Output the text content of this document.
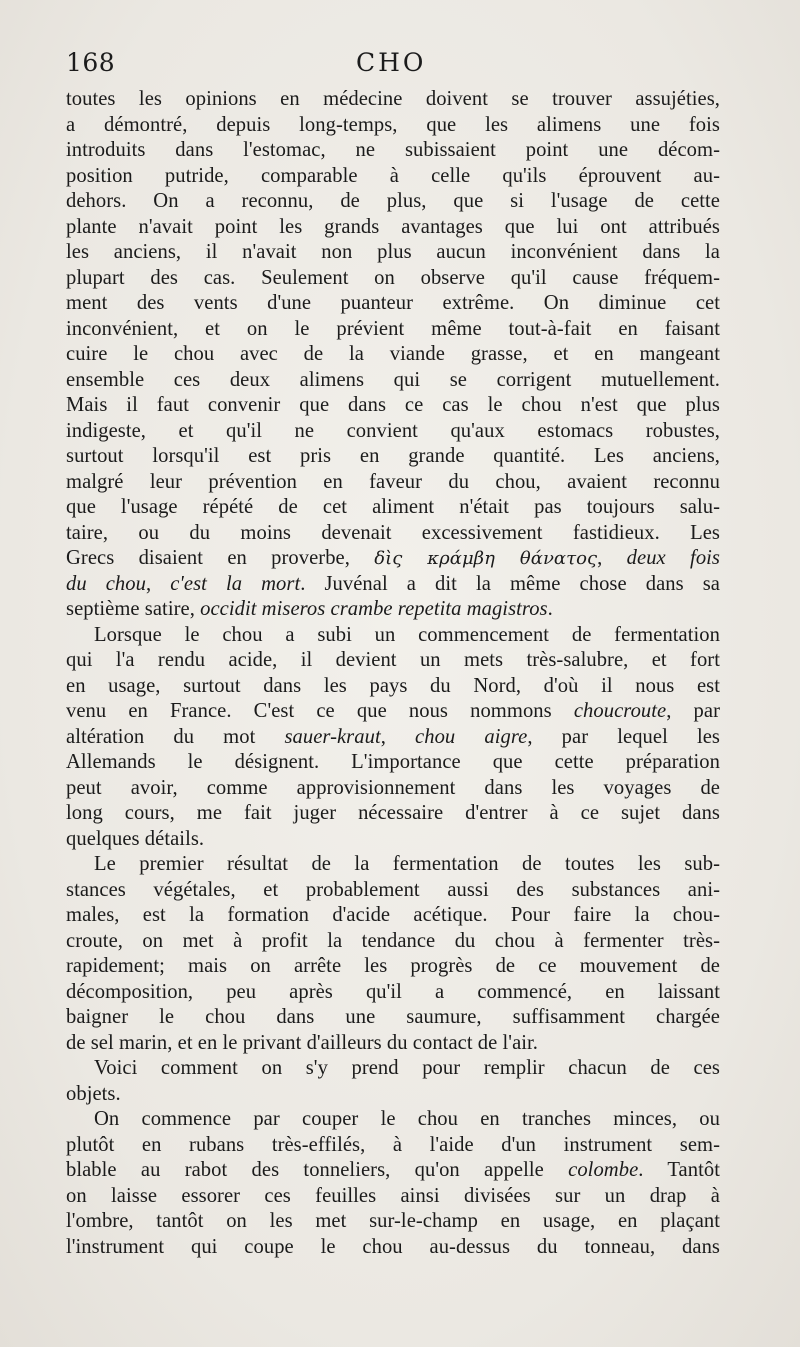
168	CHO
toutes les opinions en médecine doivent se trouver assujéties,
a démontré, depuis long-temps, que les alimens une fois
introduits dans l'estomac, ne subissaient point une décom-
position putride, comparable à celle qu'ils éprouvent au-
dehors. On a reconnu, de plus, que si l'usage de cette
plante n'avait point les grands avantages que lui ont attribués
les anciens, il n'avait non plus aucun inconvénient dans la
plupart des cas. Seulement on observe qu'il cause fréquem-
ment des vents d'une puanteur extrême. On diminue cet
inconvénient, et on le prévient même tout-à-fait en faisant
cuire le chou avec de la viande grasse, et en mangeant
ensemble ces deux alimens qui se corrigent mutuellement.
Mais il faut convenir que dans ce cas le chou n'est que plus
indigeste, et qu'il ne convient qu'aux estomacs robustes,
surtout lorsqu'il est pris en grande quantité. Les anciens,
malgré leur prévention en faveur du chou, avaient reconnu
que l'usage répété de cet aliment n'était pas toujours salu-
taire, ou du moins devenait excessivement fastidieux. Les
Grecs disaient en proverbe, δὶς κράμβη θάνατος, deux fois
du chou, c'est la mort. Juvénal a dit la même chose dans sa
septième satire, occidit miseros crambe repetita magistros.
Lorsque le chou a subi un commencement de fermentation
qui l'a rendu acide, il devient un mets très-salubre, et fort
en usage, surtout dans les pays du Nord, d'où il nous est
venu en France. C'est ce que nous nommons choucroute, par
altération du mot sauer-kraut, chou aigre, par lequel les
Allemands le désignent. L'importance que cette préparation
peut avoir, comme approvisionnement dans les voyages de
long cours, me fait juger nécessaire d'entrer à ce sujet dans
quelques détails.
Le premier résultat de la fermentation de toutes les sub-
stances végétales, et probablement aussi des substances ani-
males, est la formation d'acide acétique. Pour faire la chou-
croute, on met à profit la tendance du chou à fermenter très-
rapidement; mais on arrête les progrès de ce mouvement de
décomposition, peu après qu'il a commencé, en laissant
baigner le chou dans une saumure, suffisamment chargée
de sel marin, et en le privant d'ailleurs du contact de l'air.
Voici comment on s'y prend pour remplir chacun de ces
objets.
On commence par couper le chou en tranches minces, ou
plutôt en rubans très-effilés, à l'aide d'un instrument sem-
blable au rabot des tonneliers, qu'on appelle colombe. Tantôt
on laisse essorer ces feuilles ainsi divisées sur un drap à
l'ombre, tantôt on les met sur-le-champ en usage, en plaçant
l'instrument qui coupe le chou au-dessus du tonneau, dans
